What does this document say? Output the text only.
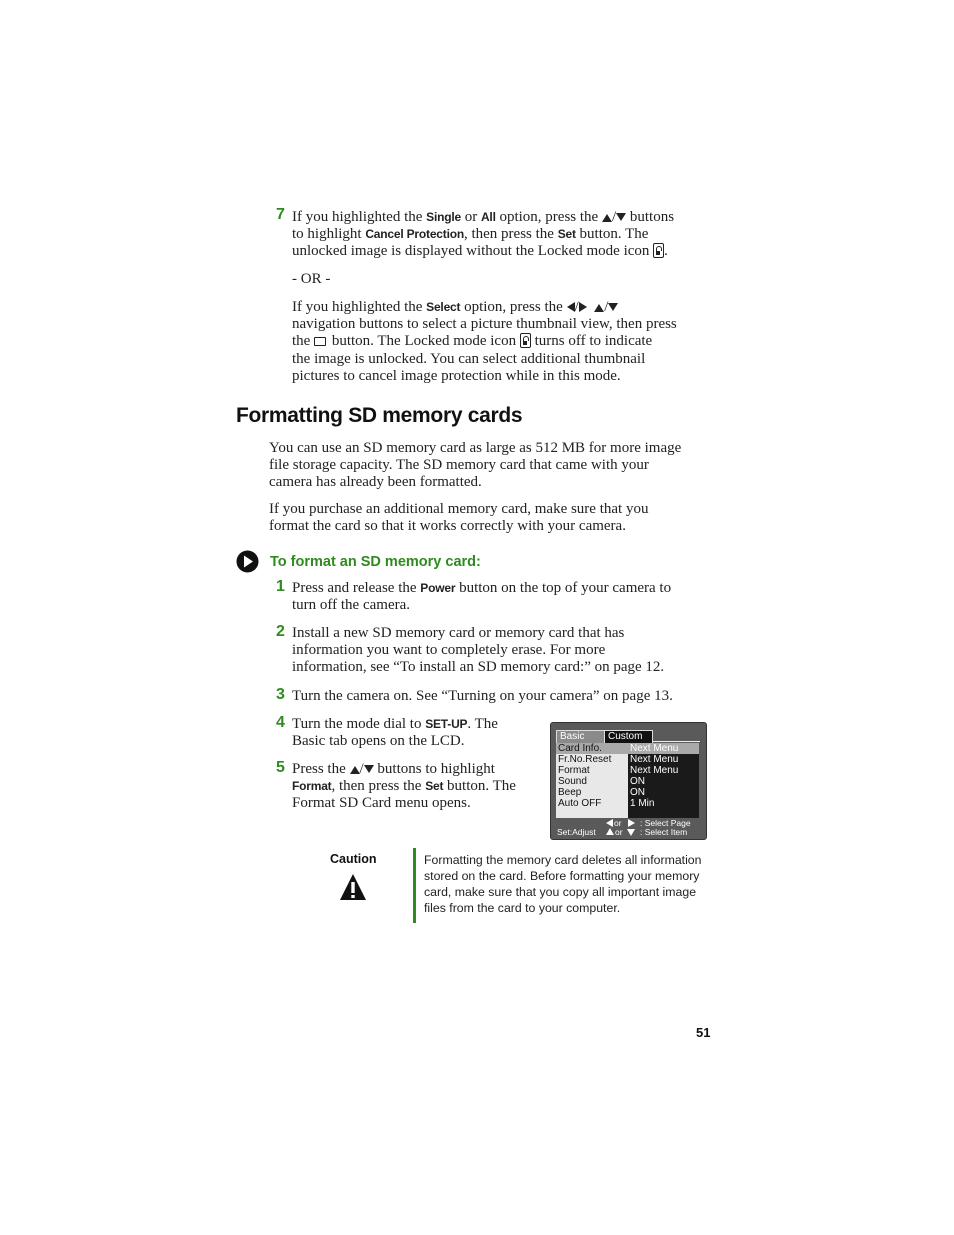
7 If you highlighted the Single or All option, press the / buttons
to highlight Cancel Protection, then press the Set button. The
unlocked image is displayed without the Locked mode icon .
- OR -
If you highlighted the Select option, press the / /
navigation buttons to select a picture thumbnail view, then press
the  button. The Locked mode icon  turns off to indicate
the image is unlocked. You can select additional thumbnail
pictures to cancel image protection while in this mode.
Formatting SD memory cards
You can use an SD memory card as large as 512 MB for more image
file storage capacity. The SD memory card that came with your
camera has already been formatted.
If you purchase an additional memory card, make sure that you
format the card so that it works correctly with your camera.
To format an SD memory card:
1 Press and release the Power button on the top of your camera to
turn off the camera.
2 Install a new SD memory card or memory card that has
information you want to completely erase. For more
information, see “To install an SD memory card:” on page 12.
3 Turn the camera on. See “Turning on your camera” on page 13.
4 Turn the mode dial to SET-UP. The
Basic tab opens on the LCD.
5 Press the / buttons to highlight
Format, then press the Set button. The
Format SD Card menu opens.
Basic	Custom
Card Info.
Fr.No.Reset
Format
Sound
Beep
Auto OFF
Next Menu
Next Menu
Next Menu
ON
ON
1 Min
or : Select Page
Set:Adjust or : Select Item
Caution	Formatting the memory card deletes all information
stored on the card. Before formatting your memory
card, make sure that you copy all important image
files from the card to your computer.
51
